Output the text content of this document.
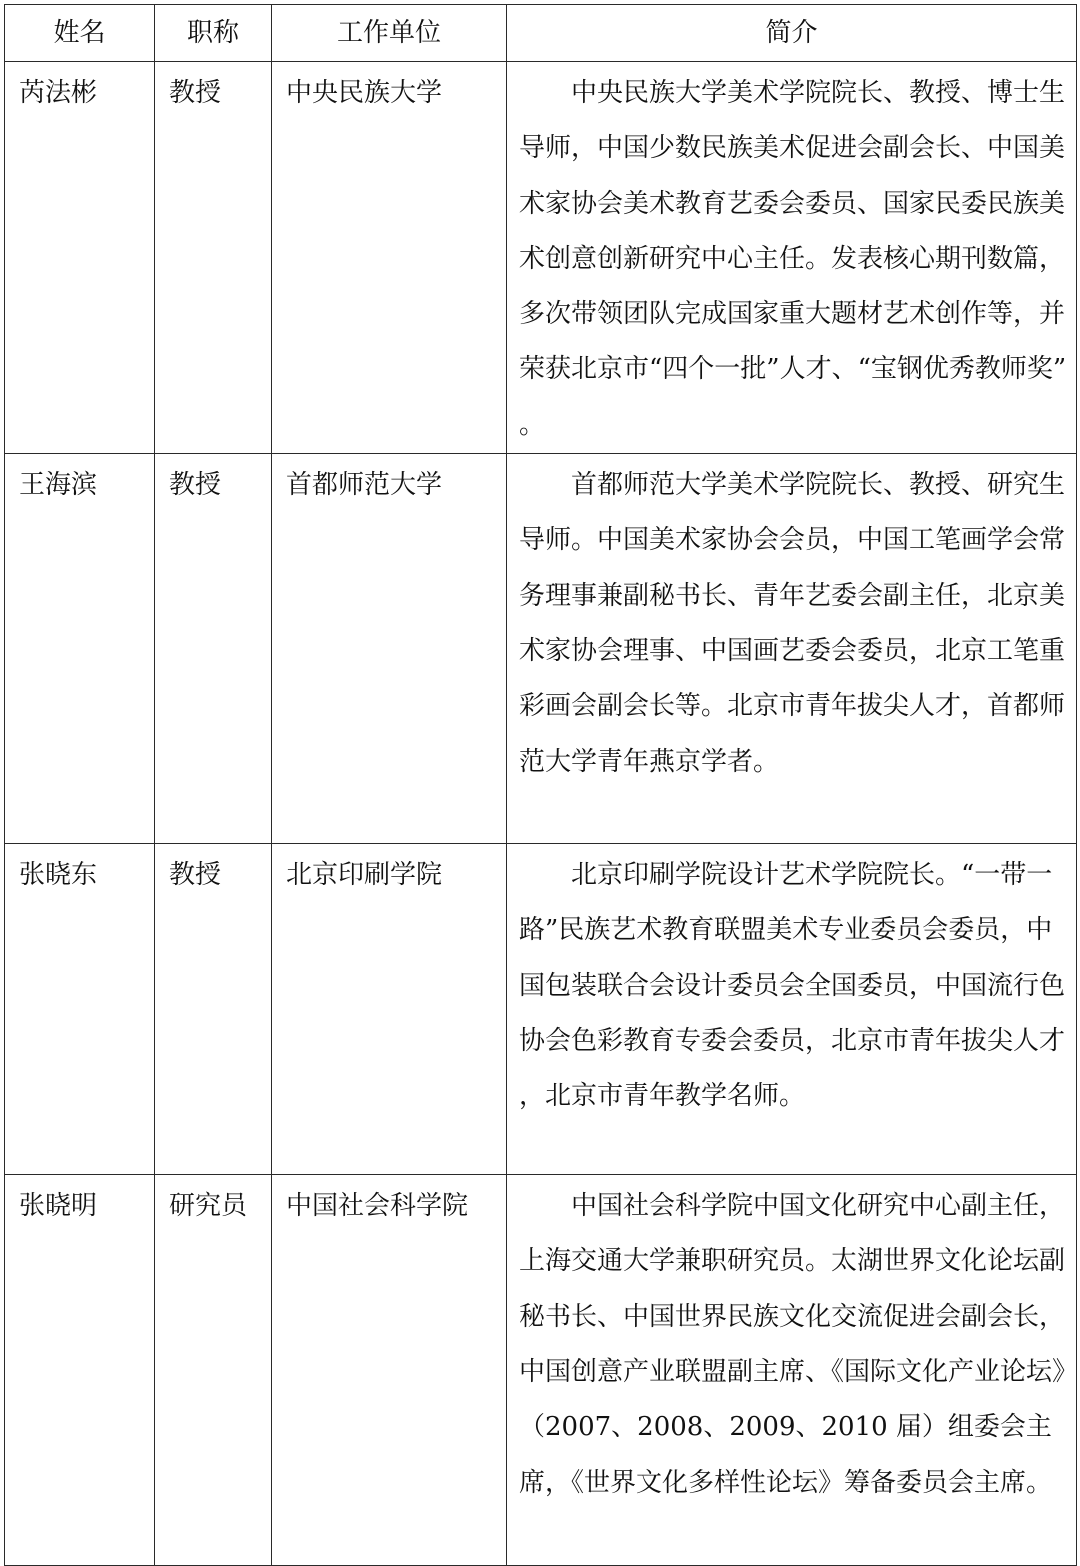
姓名	职称	工作单位	简介
芮法彬	教授	中央民族大学	中央民族大学美术学院院长、教授、博士生导师，中国少数民族美术促进会副会长、中国美术家协会美术教育艺委会委员、国家民委民族美术创意创新研究中心主任。发表核心期刊数篇，多次带领团队完成国家重大题材艺术创作等，并荣获北京市“四个一批”人才、“宝钢优秀教师奖”。

王海滨	教授	首都师范大学	首都师范大学美术学院院长、教授、研究生导师。中国美术家协会会员，中国工笔画学会常务理事兼副秘书长、青年艺委会副主任，北京美术家协会理事、中国画艺委会委员，北京工笔重彩画会副会长等。北京市青年拔尖人才，首都师范大学青年燕京学者。

张晓东	教授	北京印刷学院	北京印刷学院设计艺术学院院长。“一带一路”民族艺术教育联盟美术专业委员会委员，中国包装联合会设计委员会全国委员，中国流行色协会色彩教育专委会委员，北京市青年拔尖人才，北京市青年教学名师。

张晓明	研究员	中国社会科学院	中国社会科学院中国文化研究中心副主任，上海交通大学兼职研究员。太湖世界文化论坛副秘书长、中国世界民族文化交流促进会副会长，中国创意产业联盟副主席、《国际文化产业论坛》（2007、2008、2009、2010 届）组委会主席，《世界文化多样性论坛》筹备委员会主席。
